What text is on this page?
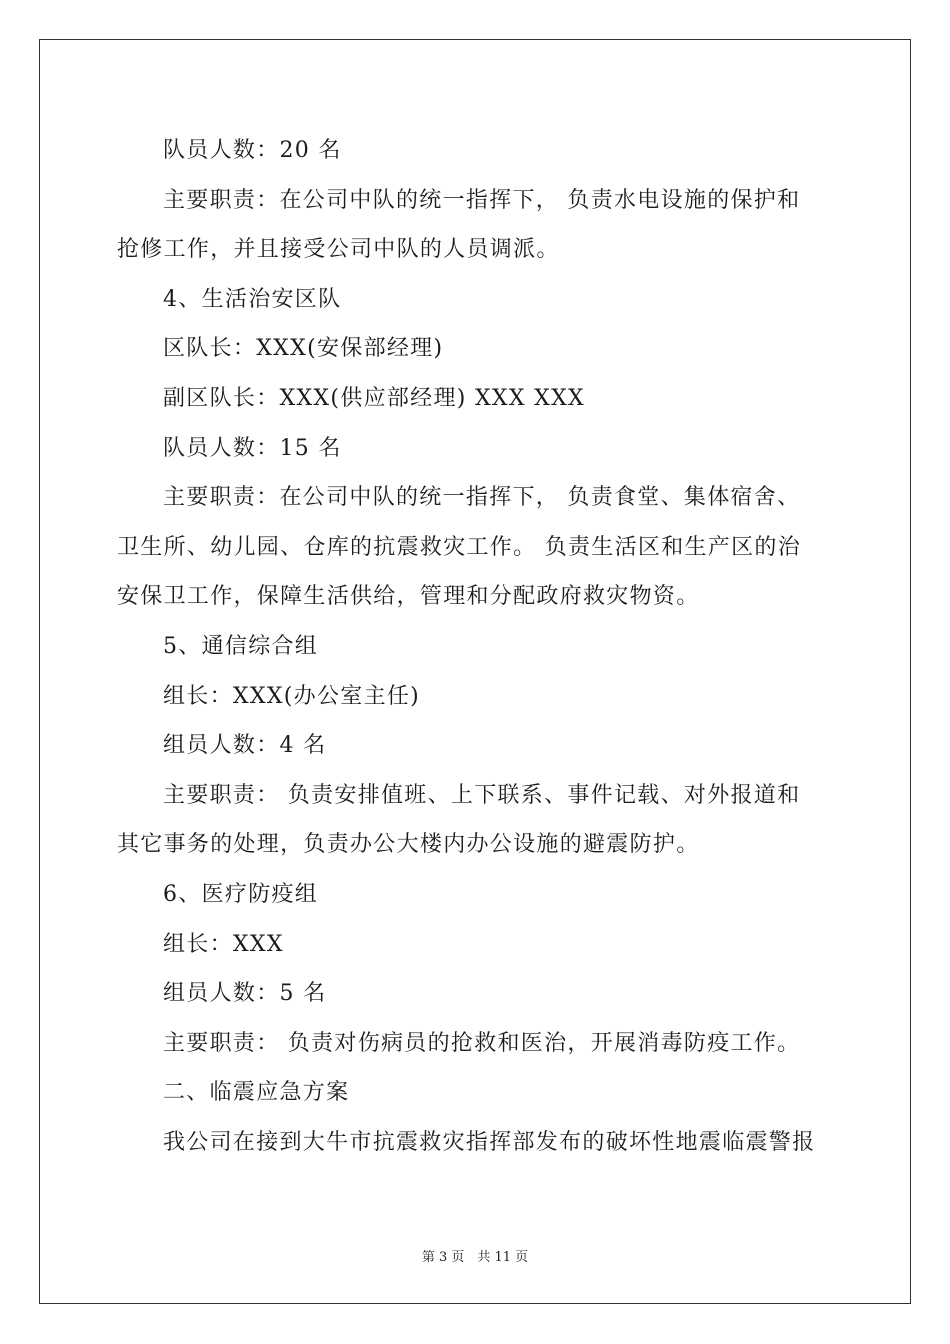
队员人数：20 名
主要职责：在公司中队的统一指挥下， 负责水电设施的保护和
抢修工作，并且接受公司中队的人员调派。
4、生活治安区队
区队长：XXX(安保部经理)
副区队长：XXX(供应部经理) XXX XXX
队员人数：15 名
主要职责：在公司中队的统一指挥下， 负责食堂、集体宿舍、
卫生所、幼儿园、仓库的抗震救灾工作。 负责生活区和生产区的治
安保卫工作，保障生活供给，管理和分配政府救灾物资。
5、通信综合组
组长：XXX(办公室主任)
组员人数：4 名
主要职责： 负责安排值班、上下联系、事件记载、对外报道和
其它事务的处理，负责办公大楼内办公设施的避震防护。
6、医疗防疫组
组长：XXX
组员人数：5 名
主要职责： 负责对伤病员的抢救和医治，开展消毒防疫工作。
二、临震应急方案
我公司在接到大牛市抗震救灾指挥部发布的破坏性地震临震警报
第 3 页　共 11 页
